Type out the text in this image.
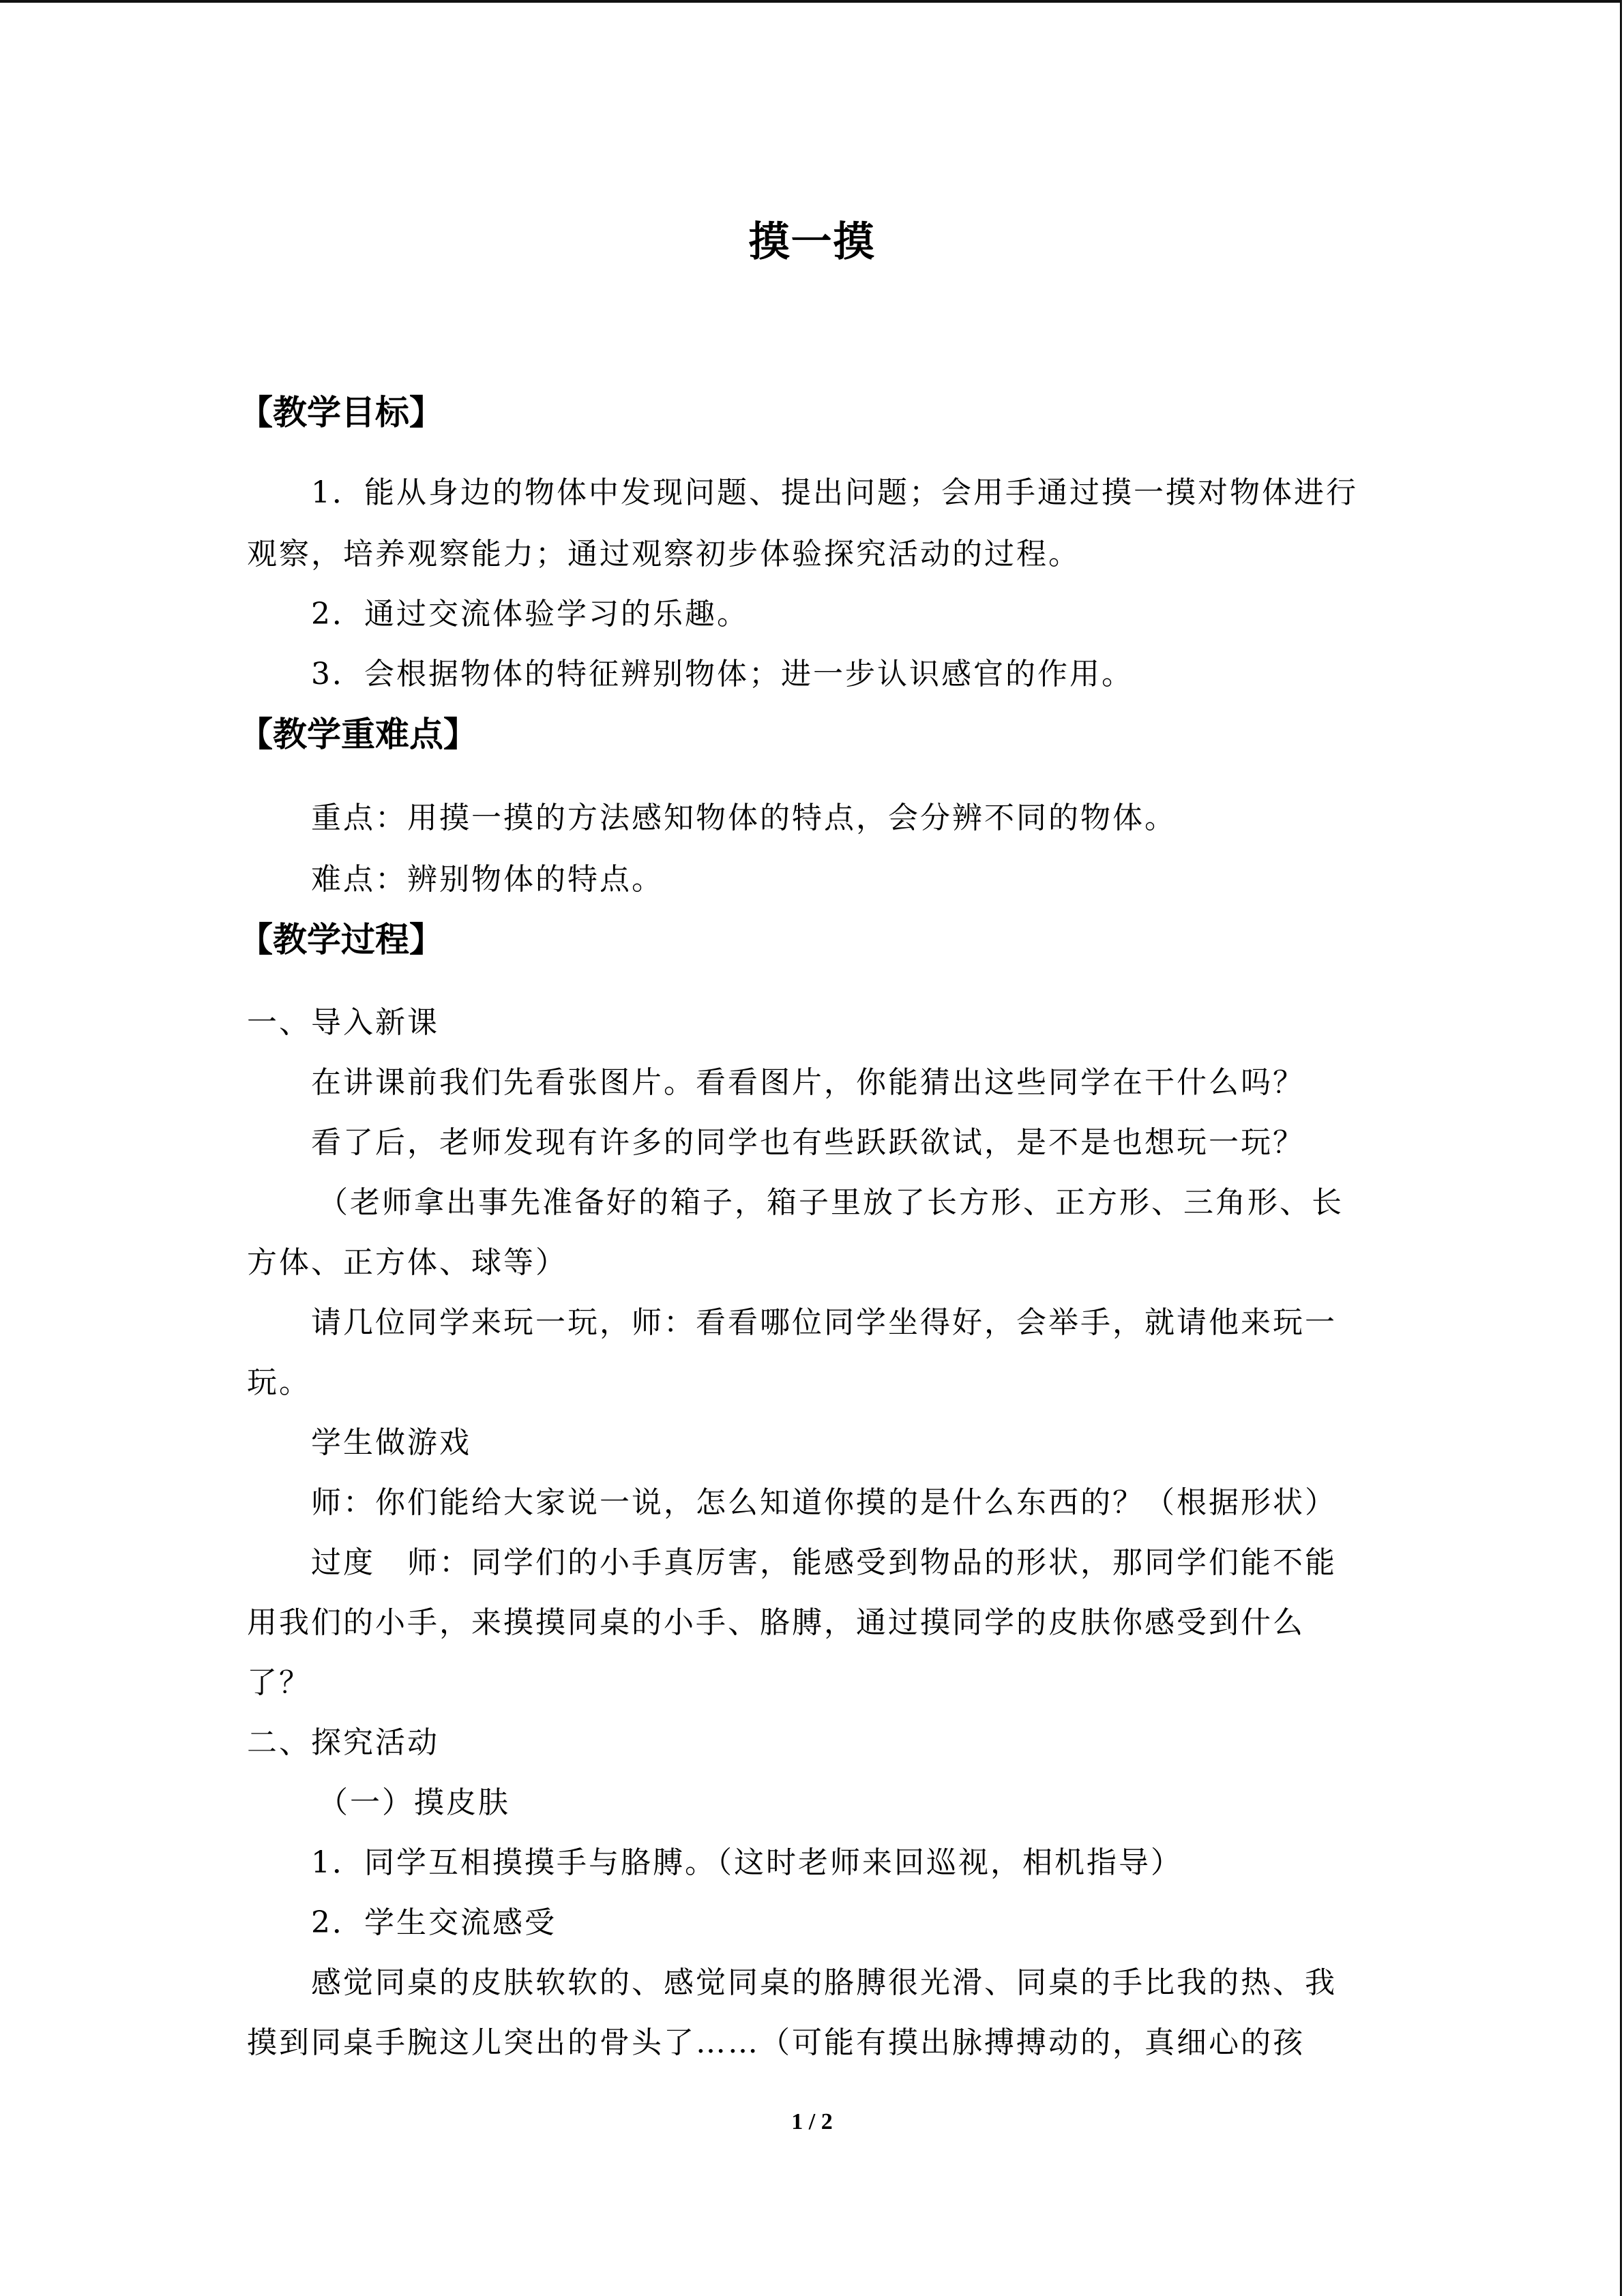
摸一摸
【教学目标】
1．能从身边的物体中发现问题、提出问题；会用手通过摸一摸对物体进行
观察，培养观察能力；通过观察初步体验探究活动的过程。
2．通过交流体验学习的乐趣。
3．会根据物体的特征辨别物体；进一步认识感官的作用。
【教学重难点】
重点：用摸一摸的方法感知物体的特点，会分辨不同的物体。
难点：辨别物体的特点。
【教学过程】
一、导入新课
在讲课前我们先看张图片。看看图片，你能猜出这些同学在干什么吗？
看了后，老师发现有许多的同学也有些跃跃欲试，是不是也想玩一玩？
（老师拿出事先准备好的箱子，箱子里放了长方形、正方形、三角形、长
方体、正方体、球等）
请几位同学来玩一玩，师：看看哪位同学坐得好，会举手，就请他来玩一
玩。
学生做游戏
师：你们能给大家说一说，怎么知道你摸的是什么东西的？（根据形状）
过度　师：同学们的小手真厉害，能感受到物品的形状，那同学们能不能
用我们的小手，来摸摸同桌的小手、胳膊，通过摸同学的皮肤你感受到什么
了？
二、探究活动
（一）摸皮肤
1．同学互相摸摸手与胳膊。（这时老师来回巡视，相机指导）
2．学生交流感受
感觉同桌的皮肤软软的、感觉同桌的胳膊很光滑、同桌的手比我的热、我
摸到同桌手腕这儿突出的骨头了……（可能有摸出脉搏搏动的，真细心的孩
1 / 2
